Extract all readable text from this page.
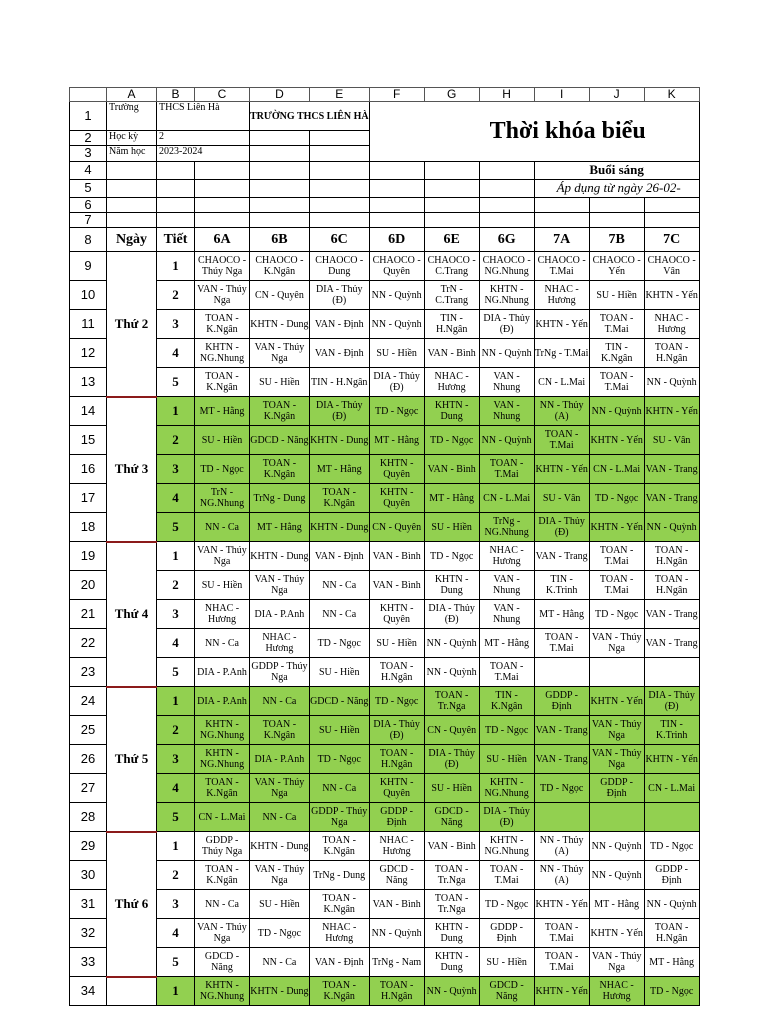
	A	B	C	D	E	F	G	H	I	J	K
1	Trường	THCS Liên Hà		TRƯỜNG THCS LIÊN HÀ		Thời khóa biểu					

2	Học kỳ	2									
3	Năm học	2023-2024									
4									Buổi sáng		
5									Áp dụng từ ngày 26-02-		
6											
7											
8	Ngày	Tiết	6A	6B	6C	6D	6E	6G	7A	7B	7C
9	Thứ 2	1	CHAOCO - Thúy Nga	CHAOCO - K.Ngân	CHAOCO - Dung	CHAOCO - Quyên	CHAOCO - C.Trang	CHAOCO - NG.Nhung	CHAOCO - T.Mai	CHAOCO - Yến	CHAOCO - Vân
10		2	VAN - Thúy Nga	CN - Quyên	DIA - Thủy (Đ)	NN - Quỳnh	TrN - C.Trang	KHTN - NG.Nhung	NHAC - Hương	SU - Hiền	KHTN - Yến
11		3	TOAN - K.Ngân	KHTN - Dung	VAN - Định	NN - Quỳnh	TIN - H.Ngân	DIA - Thủy (Đ)	KHTN - Yến	TOAN - T.Mai	NHAC - Hương
12		4	KHTN - NG.Nhung	VAN - Thúy Nga	VAN - Định	SU - Hiền	VAN - Bình	NN - Quỳnh	TrNg - T.Mai	TIN - K.Ngân	TOAN - H.Ngân
13		5	TOAN - K.Ngân	SU - Hiền	TIN - H.Ngân	DIA - Thủy (Đ)	NHAC - Hương	VAN - Nhung	CN - L.Mai	TOAN - T.Mai	NN - Quỳnh
14	Thứ 3	1	MT - Hằng	TOAN - K.Ngân	DIA - Thủy (Đ)	TD - Ngọc	KHTN - Dung	VAN - Nhung	NN - Thủy (A)	NN - Quỳnh	KHTN - Yến
15		2	SU - Hiền	GDCD - Năng	KHTN - Dung	MT - Hằng	TD - Ngọc	NN - Quỳnh	TOAN - T.Mai	KHTN - Yến	SU - Vân
16		3	TD - Ngọc	TOAN - K.Ngân	MT - Hằng	KHTN - Quyên	VAN - Bình	TOAN - T.Mai	KHTN - Yến	CN - L.Mai	VAN - Trang
17		4	TrN - NG.Nhung	TrNg - Dung	TOAN - K.Ngân	KHTN - Quyên	MT - Hằng	CN - L.Mai	SU - Vân	TD - Ngọc	VAN - Trang
18		5	NN - Ca	MT - Hằng	KHTN - Dung	CN - Quyên	SU - Hiền	TrNg - NG.Nhung	DIA - Thủy (Đ)	KHTN - Yến	NN - Quỳnh
19	Thứ 4	1	VAN - Thúy Nga	KHTN - Dung	VAN - Định	VAN - Bình	TD - Ngọc	NHAC - Hương	VAN - Trang	TOAN - T.Mai	TOAN - H.Ngân
20		2	SU - Hiền	VAN - Thúy Nga	NN - Ca	VAN - Bình	KHTN - Dung	VAN - Nhung	TIN - K.Trinh	TOAN - T.Mai	TOAN - H.Ngân
21		3	NHAC - Hương	DIA - P.Anh	NN - Ca	KHTN - Quyên	DIA - Thủy (Đ)	VAN - Nhung	MT - Hằng	TD - Ngọc	VAN - Trang
22		4	NN - Ca	NHAC - Hương	TD - Ngọc	SU - Hiền	NN - Quỳnh	MT - Hằng	TOAN - T.Mai	VAN - Thúy Nga	VAN - Trang
23		5	DIA - P.Anh	GDDP - Thúy Nga	SU - Hiền	TOAN - H.Ngân	NN - Quỳnh	TOAN - T.Mai			
24	Thứ 5	1	DIA - P.Anh	NN - Ca	GDCD - Năng	TD - Ngọc	TOAN - Tr.Nga	TIN - K.Ngân	GDDP - Định	KHTN - Yến	DIA - Thủy (Đ)
25		2	KHTN - NG.Nhung	TOAN - K.Ngân	SU - Hiền	DIA - Thủy (Đ)	CN - Quyên	TD - Ngọc	VAN - Trang	VAN - Thúy Nga	TIN - K.Trinh
26		3	KHTN - NG.Nhung	DIA - P.Anh	TD - Ngọc	TOAN - H.Ngân	DIA - Thủy (Đ)	SU - Hiền	VAN - Trang	VAN - Thúy Nga	KHTN - Yến
27		4	TOAN - K.Ngân	VAN - Thúy Nga	NN - Ca	KHTN - Quyên	SU - Hiền	KHTN - NG.Nhung	TD - Ngọc	GDDP - Định	CN - L.Mai
28		5	CN - L.Mai	NN - Ca	GDDP - Thúy Nga	GDDP - Định	GDCD - Năng	DIA - Thủy (Đ)			
29	Thứ 6	1	GDDP - Thúy Nga	KHTN - Dung	TOAN - K.Ngân	NHAC - Hương	VAN - Bình	KHTN - NG.Nhung	NN - Thủy (A)	NN - Quỳnh	TD - Ngọc
30		2	TOAN - K.Ngân	VAN - Thúy Nga	TrNg - Dung	GDCD - Năng	TOAN - Tr.Nga	TOAN - T.Mai	NN - Thủy (A)	NN - Quỳnh	GDDP - Định
31		3	NN - Ca	SU - Hiền	TOAN - K.Ngân	VAN - Bình	TOAN - Tr.Nga	TD - Ngọc	KHTN - Yến	MT - Hằng	NN - Quỳnh
32		4	VAN - Thúy Nga	TD - Ngọc	NHAC - Hương	NN - Quỳnh	KHTN - Dung	GDDP - Định	TOAN - T.Mai	KHTN - Yến	TOAN - H.Ngân
33		5	GDCD - Năng	NN - Ca	VAN - Định	TrNg - Nam	KHTN - Dung	SU - Hiền	TOAN - T.Mai	VAN - Thúy Nga	MT - Hằng
34		1	KHTN - NG.Nhung	KHTN - Dung	TOAN - K.Ngân	TOAN - H.Ngân	NN - Quỳnh	GDCD - Năng	KHTN - Yến	NHAC - Hương	TD - Ngọc
